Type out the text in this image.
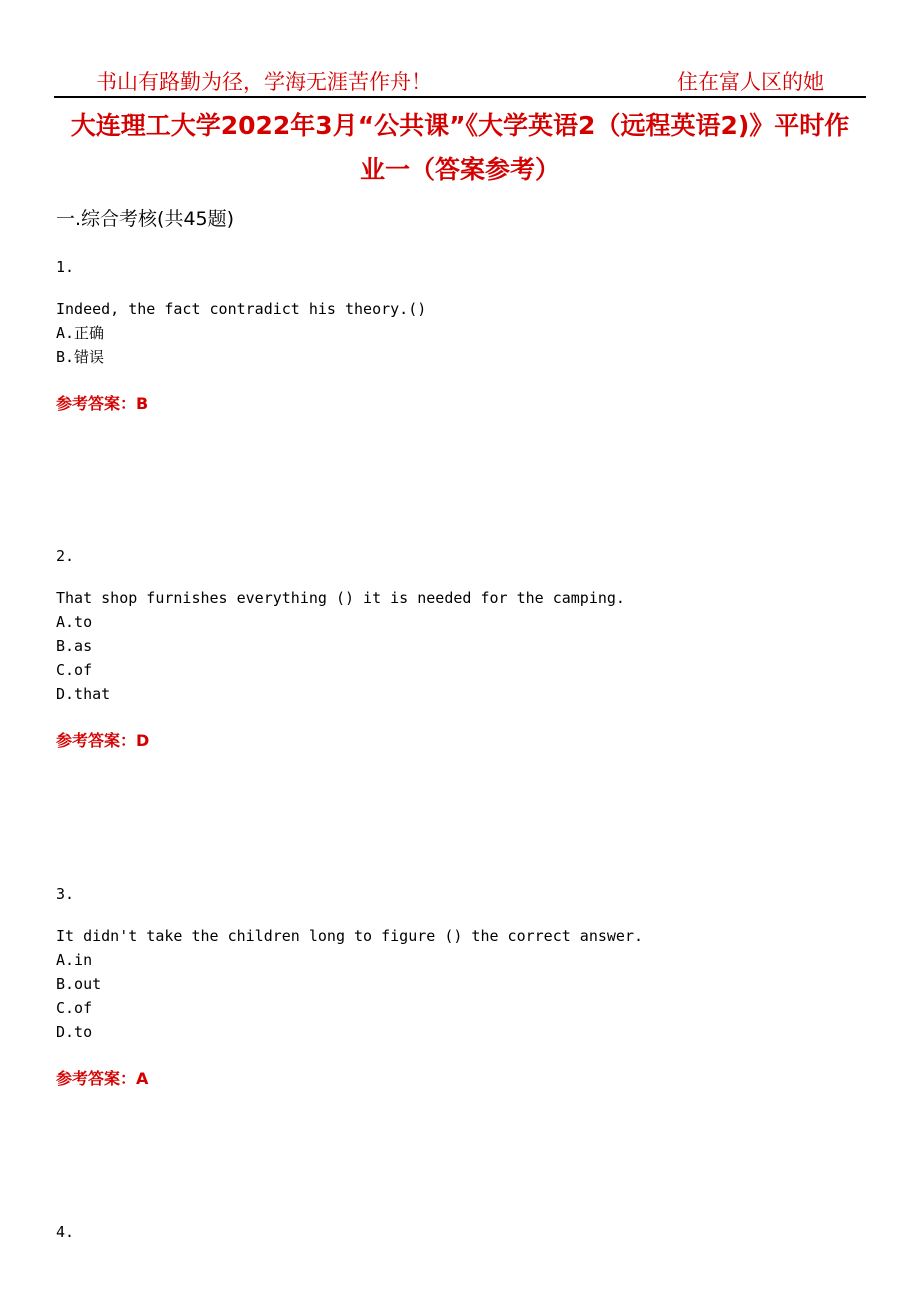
书山有路勤为径，学海无涯苦作舟！	住在富人区的她
大连理工大学2022年3月“公共课”《大学英语2（远程英语2)》平时作业一（答案参考）
一.综合考核(共45题)
1.
Indeed, the fact contradict his theory.()
A.正确
B.错误
参考答案：B
2.
That shop furnishes everything () it is needed for the camping.
A.to
B.as
C.of
D.that
参考答案：D
3.
It didn't take the children long to figure () the correct answer.
A.in
B.out
C.of
D.to
参考答案：A
4.
